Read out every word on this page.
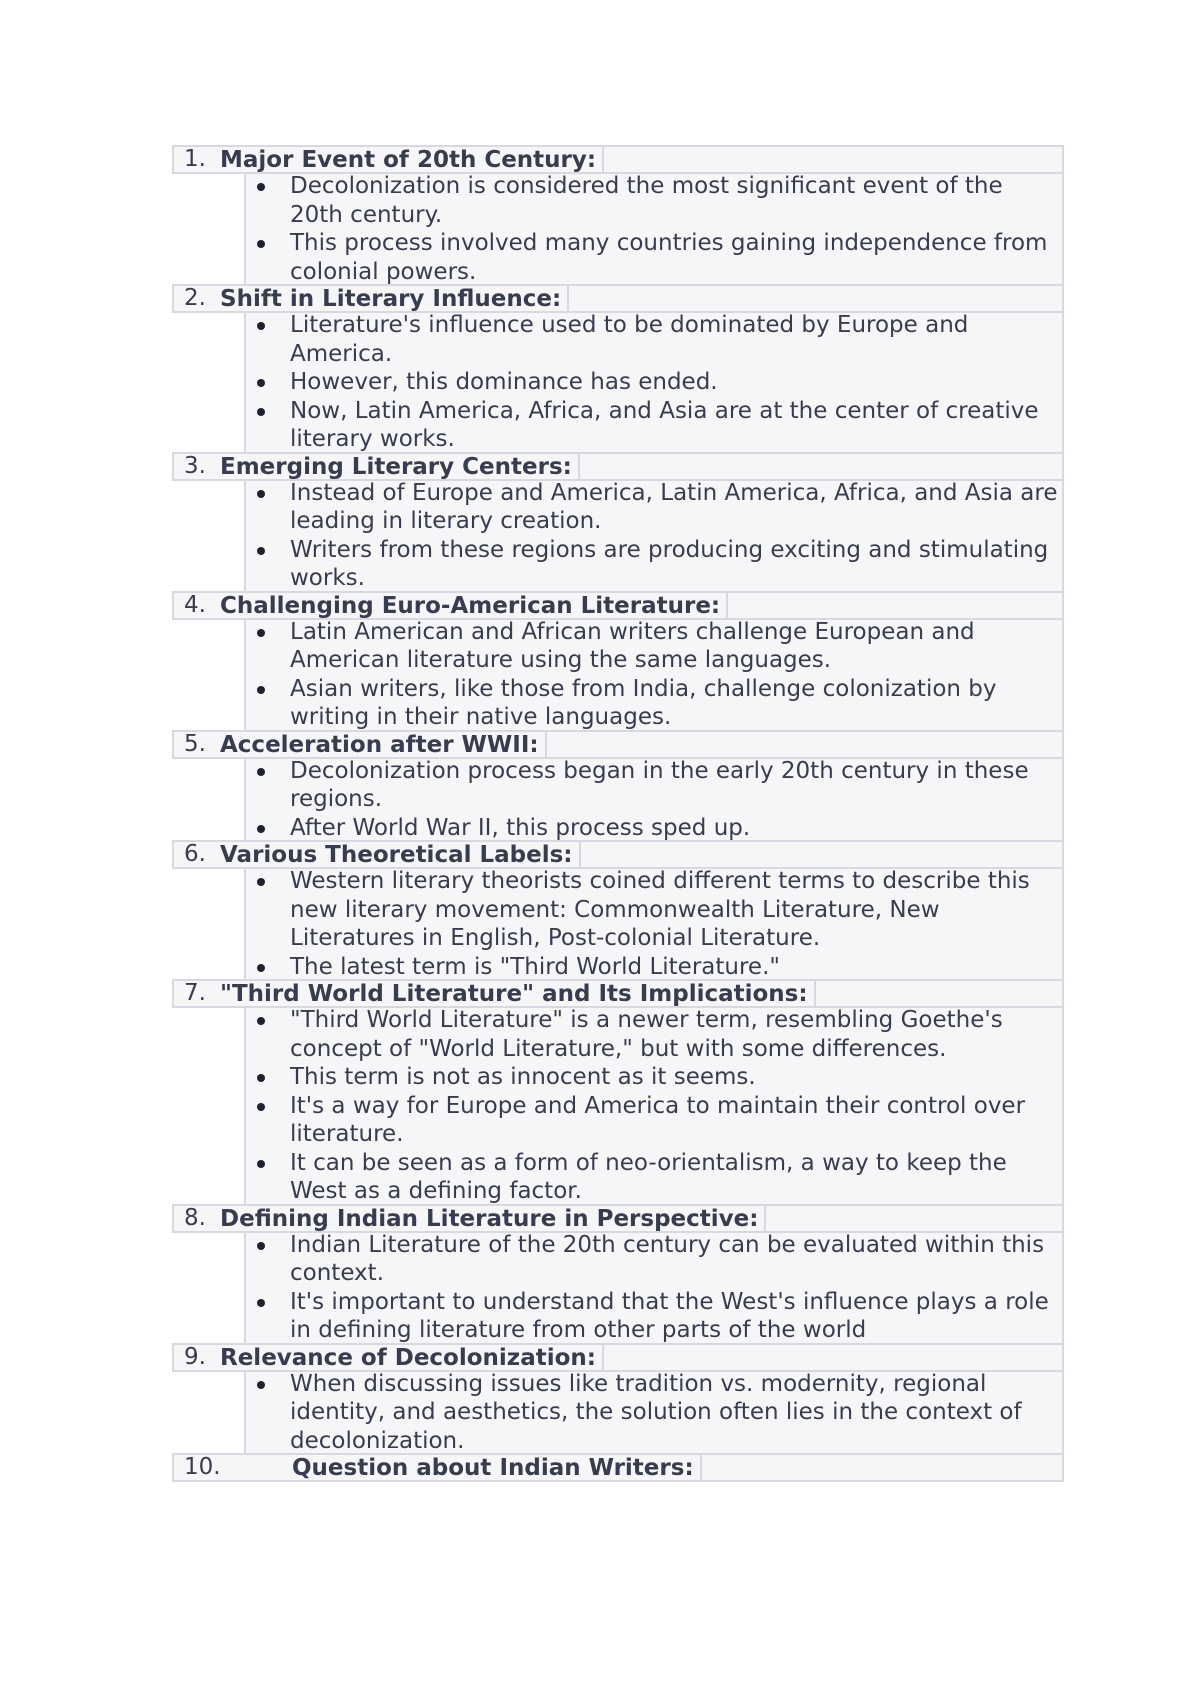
1. Major Event of 20th Century:
Decolonization is considered the most significant event of the 20th century.
This process involved many countries gaining independence from colonial powers.
2. Shift in Literary Influence:
Literature's influence used to be dominated by Europe and America.
However, this dominance has ended.
Now, Latin America, Africa, and Asia are at the center of creative literary works.
3. Emerging Literary Centers:
Instead of Europe and America, Latin America, Africa, and Asia are leading in literary creation.
Writers from these regions are producing exciting and stimulating works.
4. Challenging Euro-American Literature:
Latin American and African writers challenge European and American literature using the same languages.
Asian writers, like those from India, challenge colonization by writing in their native languages.
5. Acceleration after WWII:
Decolonization process began in the early 20th century in these regions.
After World War II, this process sped up.
6. Various Theoretical Labels:
Western literary theorists coined different terms to describe this new literary movement: Commonwealth Literature, New Literatures in English, Post-colonial Literature.
The latest term is "Third World Literature."
7. "Third World Literature" and Its Implications:
"Third World Literature" is a newer term, resembling Goethe's concept of "World Literature," but with some differences.
This term is not as innocent as it seems.
It's a way for Europe and America to maintain their control over literature.
It can be seen as a form of neo-orientalism, a way to keep the West as a defining factor.
8. Defining Indian Literature in Perspective:
Indian Literature of the 20th century can be evaluated within this context.
It's important to understand that the West's influence plays a role in defining literature from other parts of the world
9. Relevance of Decolonization:
When discussing issues like tradition vs. modernity, regional identity, and aesthetics, the solution often lies in the context of decolonization.
10.	Question about Indian Writers:
